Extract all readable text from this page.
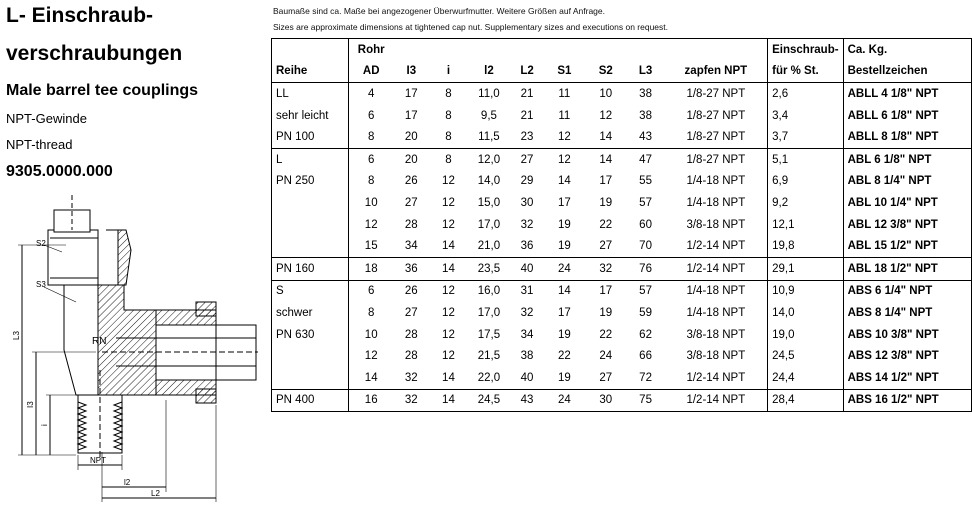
L- Einschraub-
verschraubungen
Male barrel tee couplings
NPT-Gewinde
NPT-thread
9305.0000.000
S2
S3
RN
L3
I3
i
NPT
l2
L2
Baumaße sind ca. Maße bei angezogener Überwurfmutter. Weitere Größen auf Anfrage.
Sizes are approximate dimensions at tightened cap nut. Supplementary sizes and executions on request.
	Rohr									Einschraub-	Ca. Kg.
Reihe	AD	I3	i	l2	L2	S1	S2	L3	zapfen NPT	für % St.	Bestellzeichen
LL	4	17	8	11,0	21	11	10	38	1/8-27 NPT	2,6	ABLL 4 1/8" NPT
sehr leicht	6	17	8	9,5	21	11	12	38	1/8-27 NPT	3,4	ABLL 6 1/8" NPT
PN 100	8	20	8	11,5	23	12	14	43	1/8-27 NPT	3,7	ABLL 8 1/8" NPT
L	6	20	8	12,0	27	12	14	47	1/8-27 NPT	5,1	ABL 6 1/8" NPT
PN 250	8	26	12	14,0	29	14	17	55	1/4-18 NPT	6,9	ABL 8 1/4" NPT
	10	27	12	15,0	30	17	19	57	1/4-18 NPT	9,2	ABL 10 1/4" NPT
	12	28	12	17,0	32	19	22	60	3/8-18 NPT	12,1	ABL 12 3/8" NPT
	15	34	14	21,0	36	19	27	70	1/2-14 NPT	19,8	ABL 15 1/2" NPT
PN 160	18	36	14	23,5	40	24	32	76	1/2-14 NPT	29,1	ABL 18 1/2" NPT
S	6	26	12	16,0	31	14	17	57	1/4-18 NPT	10,9	ABS 6 1/4" NPT
schwer	8	27	12	17,0	32	17	19	59	1/4-18 NPT	14,0	ABS 8 1/4" NPT
PN 630	10	28	12	17,5	34	19	22	62	3/8-18 NPT	19,0	ABS 10 3/8" NPT
	12	28	12	21,5	38	22	24	66	3/8-18 NPT	24,5	ABS 12 3/8" NPT
	14	32	14	22,0	40	19	27	72	1/2-14 NPT	24,4	ABS 14 1/2" NPT
PN 400	16	32	14	24,5	43	24	30	75	1/2-14 NPT	28,4	ABS 16 1/2" NPT
